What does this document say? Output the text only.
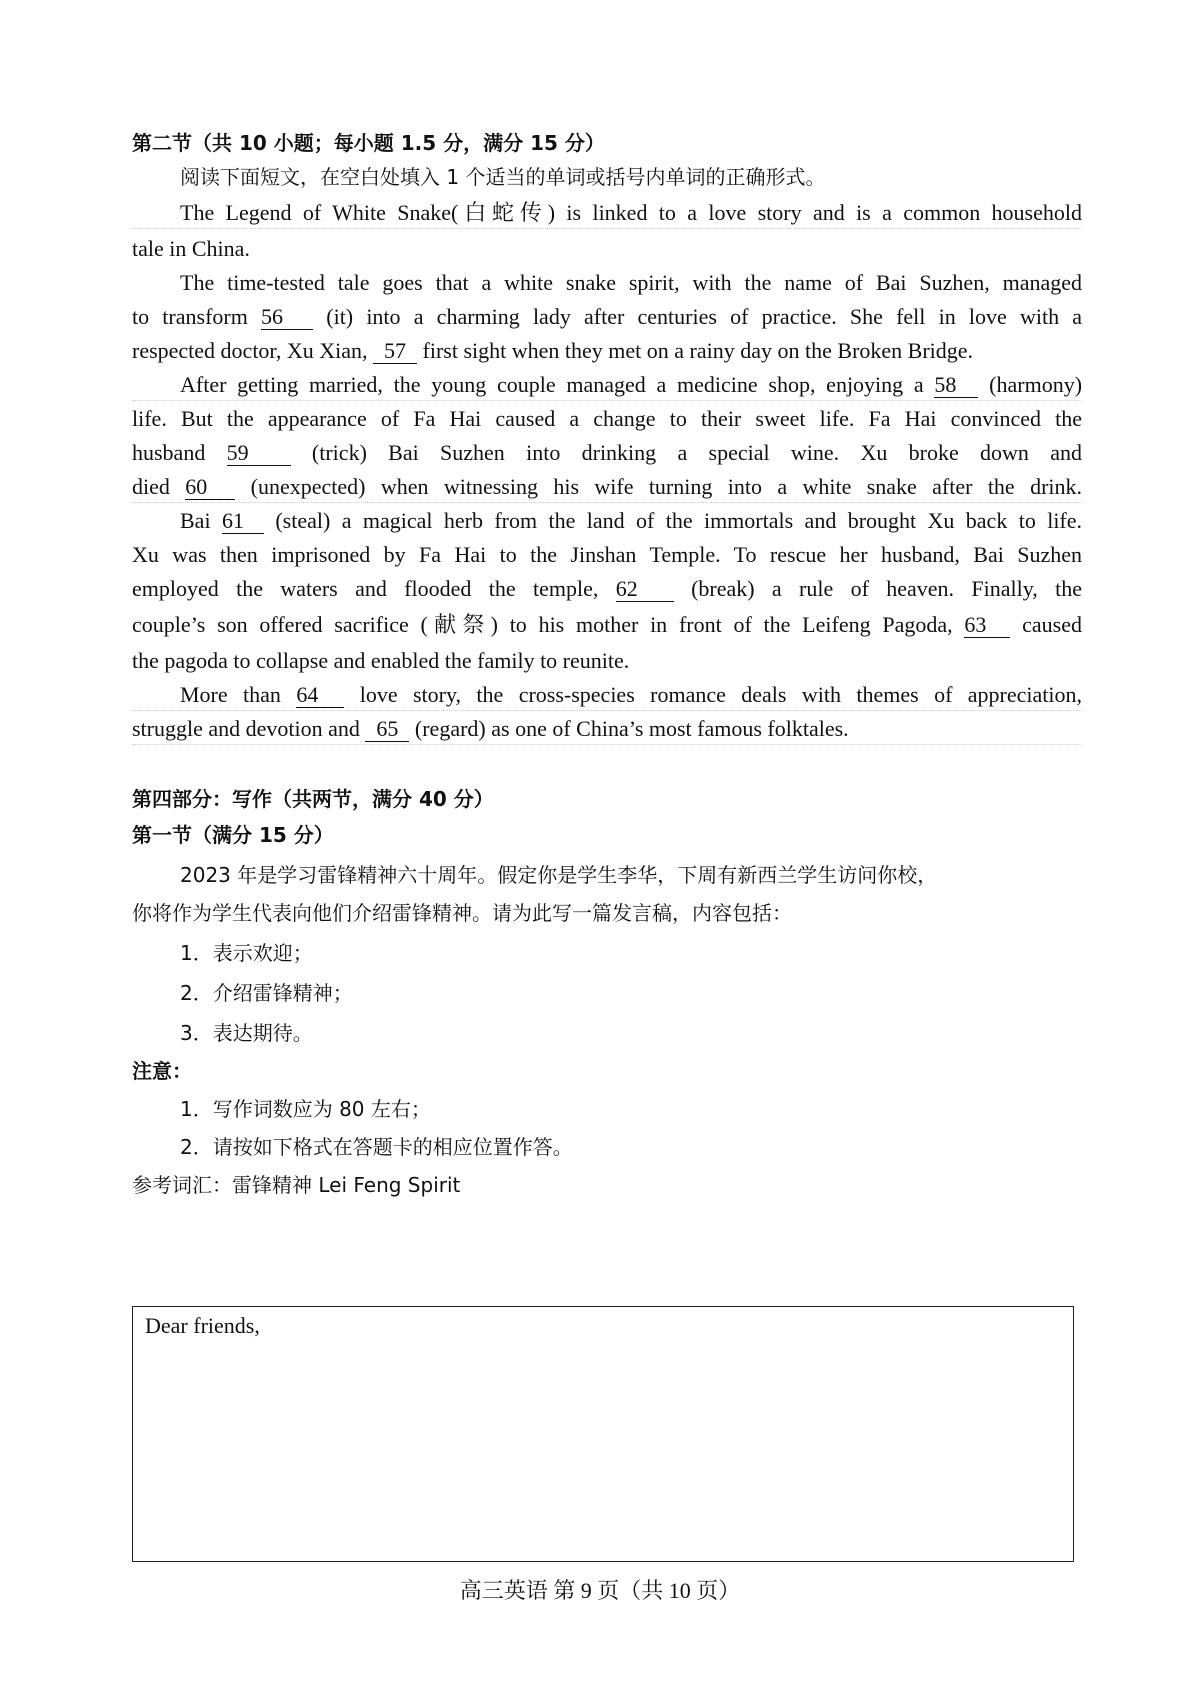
第二节（共 10 小题；每小题 1.5 分，满分 15 分）
阅读下面短文，在空白处填入 1 个适当的单词或括号内单词的正确形式。
The Legend of White Snake(白蛇传) is linked to a love story and is a common household
tale in China.
The time-tested tale goes that a white snake spirit, with the name of Bai Suzhen, managed
to transform 56 (it) into a charming lady after centuries of practice. She fell in love with a
respected doctor, Xu Xian, 57 first sight when they met on a rainy day on the Broken Bridge.
After getting married, the young couple managed a medicine shop, enjoying a 58 (harmony)
life. But the appearance of Fa Hai caused a change to their sweet life. Fa Hai convinced the
husband 59	(trick) Bai Suzhen into drinking a special wine. Xu broke down and
died 60 (unexpected) when witnessing his wife turning into a white snake after the drink.
Bai 61 (steal) a magical herb from the land of the immortals and brought Xu back to life.
Xu was then imprisoned by Fa Hai to the Jinshan Temple. To rescue her husband, Bai Suzhen
employed the waters and flooded the temple, 62 (break) a rule of heaven. Finally, the
couple’s son offered sacrifice (献祭) to his mother in front of the Leifeng Pagoda, 63 caused
the pagoda to collapse and enabled the family to reunite.
More than 64 love story, the cross-species romance deals with themes of appreciation,
struggle and devotion and 65 (regard) as one of China’s most famous folktales.
第四部分：写作（共两节，满分 40 分）
第一节（满分 15 分）
2023 年是学习雷锋精神六十周年。假定你是学生李华，下周有新西兰学生访问你校，
你将作为学生代表向他们介绍雷锋精神。请为此写一篇发言稿，内容包括：
1．表示欢迎；
2．介绍雷锋精神；
3．表达期待。
注意：
1．写作词数应为 80 左右；
2．请按如下格式在答题卡的相应位置作答。
参考词汇：雷锋精神 Lei Feng Spirit
Dear friends,
高三英语 第 9 页（共 10 页）
